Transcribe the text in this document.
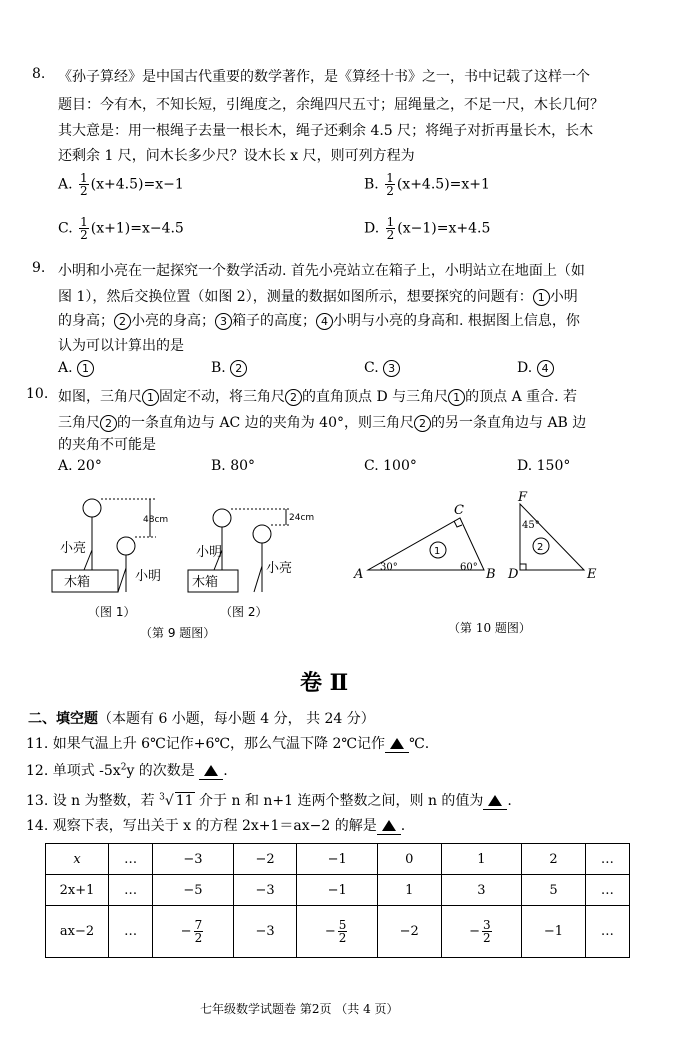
8. 《孙子算经》是中国古代重要的数学著作，是《算经十书》之一，书中记载了这样一个
题目：今有木，不知长短，引绳度之，余绳四尺五寸；屈绳量之，不足一尺，木长几何？
其大意是：用一根绳子去量一根长木，绳子还剩余 4.5 尺；将绳子对折再量长木，长木
还剩余 1 尺，问木长多少尺？设木长 x 尺，则可列方程为
A. $\frac{1}{2} (x+4.5)=x-1$	B. $\frac{1}{2} (x+4.5)=x+1$
C. $\frac{1}{2} (x+1)=x-4.5$	D. $\frac{1}{2} (x-1)=x+4.5$
9. 小明和小亮在一起探究一个数学活动. 首先小亮站立在箱子上，小明站立在地面上（如
图 1），然后交换位置（如图 2），测量的数据如图所示，想要探究的问题有： 1 小明
的身高； 2 小亮的身高； 3 箱子的高度； 4 小明与小亮的身高和. 根据图上信息，你
认为可以计算出的是
A. 1	B. 2	C. 3	D. 4
10. 如图，三角尺 1 固定不动，将三角尺 2 的直角顶点 D 与三角尺 1 的顶点 A 重合. 若
三角尺 2 的一条直角边与 AC 边的夹角为 40°，则三角尺 2 的另一条直角边与 AB 边
的夹角不可能是
A. 20°	B. 80°	C. 100°	D. 150°
木箱
小亮
小明
48cm
（图 1）
木箱
小明
小亮
24cm
（图 2）
（第 9 题图）
A	B
C
30°	60°
1
F
D	E
45°
2
（第 10 题图）
卷 Ⅱ
二、填空题（本题有 6 小题，每小题 4 分， 共 24 分）
11. 如果气温上升 6℃记作+6℃，那么气温下降 2℃记作 ℃.
12. 单项式 $-5x^2y$ 的次数是 .
13. 设 n 为整数，若 $^3$√ 11 介于 n 和 n+1 连两个整数之间，则 n 的值为 .
14. 观察下表，写出关于 x 的方程 2x+1＝ax−2 的解是 .
x	…	−3	−2	−1	0	1	2	…
2x+1	…	−5	−3	−1	1	3	5	…
ax−2	…	− $\frac{7}{2}$	−3	− $\frac{5}{2}$	−2	− $\frac{3}{2}$	−1	…
七年级数学试题卷 第2页 （共 4 页）
